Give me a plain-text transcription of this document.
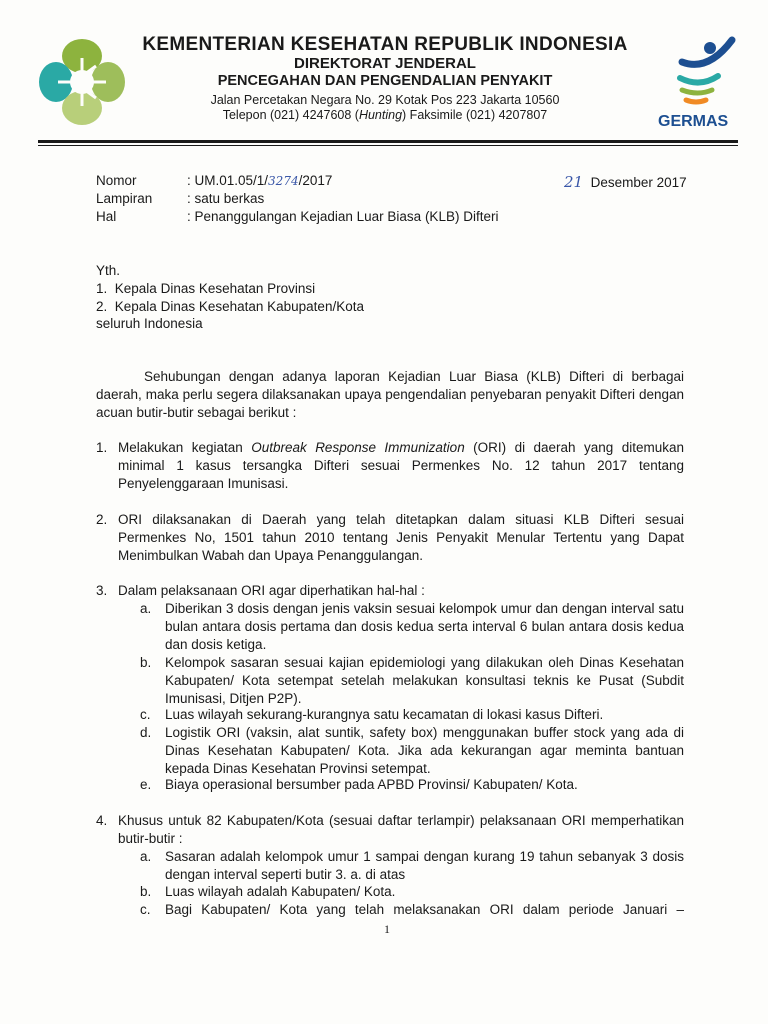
KEMENTERIAN KESEHATAN REPUBLIK INDONESIA
DIREKTORAT JENDERAL
PENCEGAHAN DAN PENGENDALIAN PENYAKIT
Jalan Percetakan Negara No. 29 Kotak Pos 223 Jakarta 10560
Telepon (021) 4247608 (Hunting) Faksimile (021) 4207807	GERMAS
Nomor	: UM.01.05/1/3274/2017	21 Desember 2017
Lampiran	: satu berkas
Hal	: Penanggulangan Kejadian Luar Biasa (KLB) Difteri
Yth.
1. Kepala Dinas Kesehatan Provinsi
2. Kepala Dinas Kesehatan Kabupaten/Kota
seluruh Indonesia
Sehubungan dengan adanya laporan Kejadian Luar Biasa (KLB) Difteri di berbagai daerah, maka perlu segera dilaksanakan upaya pengendalian penyebaran penyakit Difteri dengan acuan butir-butir sebagai berikut :
1. Melakukan kegiatan Outbreak Response Immunization (ORI) di daerah yang ditemukan minimal 1 kasus tersangka Difteri sesuai Permenkes No. 12 tahun 2017 tentang Penyelenggaraan Imunisasi.
2. ORI dilaksanakan di Daerah yang telah ditetapkan dalam situasi KLB Difteri sesuai Permenkes No, 1501 tahun 2010 tentang Jenis Penyakit Menular Tertentu yang Dapat Menimbulkan Wabah dan Upaya Penanggulangan.
3. Dalam pelaksanaan ORI agar diperhatikan hal-hal :
a. Diberikan 3 dosis dengan jenis vaksin sesuai kelompok umur dan dengan interval satu bulan antara dosis pertama dan dosis kedua serta interval 6 bulan antara dosis kedua dan dosis ketiga.
b. Kelompok sasaran sesuai kajian epidemiologi yang dilakukan oleh Dinas Kesehatan Kabupaten/ Kota setempat setelah melakukan konsultasi teknis ke Pusat (Subdit Imunisasi, Ditjen P2P).
c. Luas wilayah sekurang-kurangnya satu kecamatan di lokasi kasus Difteri.
d. Logistik ORI (vaksin, alat suntik, safety box) menggunakan buffer stock yang ada di Dinas Kesehatan Kabupaten/ Kota. Jika ada kekurangan agar meminta bantuan kepada Dinas Kesehatan Provinsi setempat.
e. Biaya operasional bersumber pada APBD Provinsi/ Kabupaten/ Kota.
4. Khusus untuk 82 Kabupaten/Kota (sesuai daftar terlampir) pelaksanaan ORI memperhatikan butir-butir :
a. Sasaran adalah kelompok umur 1 sampai dengan kurang 19 tahun sebanyak 3 dosis dengan interval seperti butir 3. a. di atas
b. Luas wilayah adalah Kabupaten/ Kota.
c. Bagi Kabupaten/ Kota yang telah melaksanakan ORI dalam periode Januari –
1
